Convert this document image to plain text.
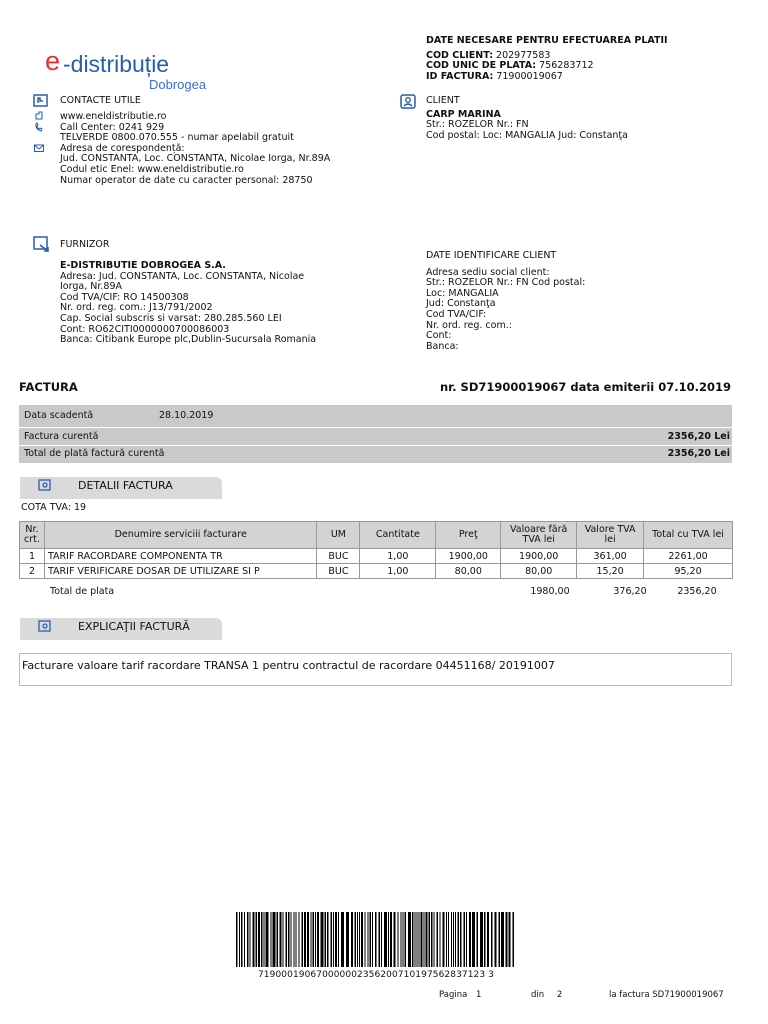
e -distribuție
Dobrogea
DATE NECESARE PENTRU EFECTUAREA PLATII
COD CLIENT: 202977583
COD UNIC DE PLATA: 756283712
ID FACTURA: 71900019067
CONTACTE UTILE
www.eneldistributie.ro
Call Center: 0241 929
TELVERDE 0800.070.555 - numar apelabil gratuit
Adresa de corespondență:
Jud. CONSTANTA, Loc. CONSTANTA, Nicolae Iorga, Nr.89A
Codul etic Enel: www.eneldistributie.ro
Numar operator de date cu caracter personal: 28750
CLIENT
CARP MARINA
Str.: ROZELOR Nr.: FN
Cod postal: Loc: MANGALIA Jud: Constanţa
FURNIZOR
E-DISTRIBUTIE DOBROGEA S.A.
Adresa: Jud. CONSTANTA, Loc. CONSTANTA, Nicolae
Iorga, Nr.89A
Cod TVA/CIF: RO 14500308
Nr. ord. reg. com.: J13/791/2002
Cap. Social subscris si varsat: 280.285.560 LEI
Cont: RO62CITI0000000700086003
Banca: Citibank Europe plc,Dublin-Sucursala Romania
DATE IDENTIFICARE CLIENT
Adresa sediu social client:
Str.: ROZELOR Nr.: FN Cod postal:
Loc: MANGALIA
Jud: Constanţa
Cod TVA/CIF:
Nr. ord. reg. com.:
Cont:
Banca:
FACTURA	nr. SD71900019067 data emiterii 07.10.2019
Data scadentă	28.10.2019
Factura curentă	2356,20 Lei
Total de plată factură curentă	2356,20 Lei
DETALII FACTURA
COTA TVA: 19
Nr. crt.	Denumire serviciii facturare	UM	Cantitate	Preţ	Valoare fără TVA lei	Valore TVA lei	Total cu TVA lei
1	TARIF RACORDARE COMPONENTA TR	BUC	1,00	1900,00	1900,00	361,00	2261,00
2	TARIF VERIFICARE DOSAR DE UTILIZARE SI P	BUC	1,00	80,00	80,00	15,20	95,20
Total de plata	1980,00	376,20	2356,20
EXPLICAŢII FACTURĂ
Facturare valoare tarif racordare TRANSA 1 pentru contractul de racordare 04451168/ 20191007
719000190670000002356200710197562837123 3
Pagina 1	din 2	la factura SD71900019067
